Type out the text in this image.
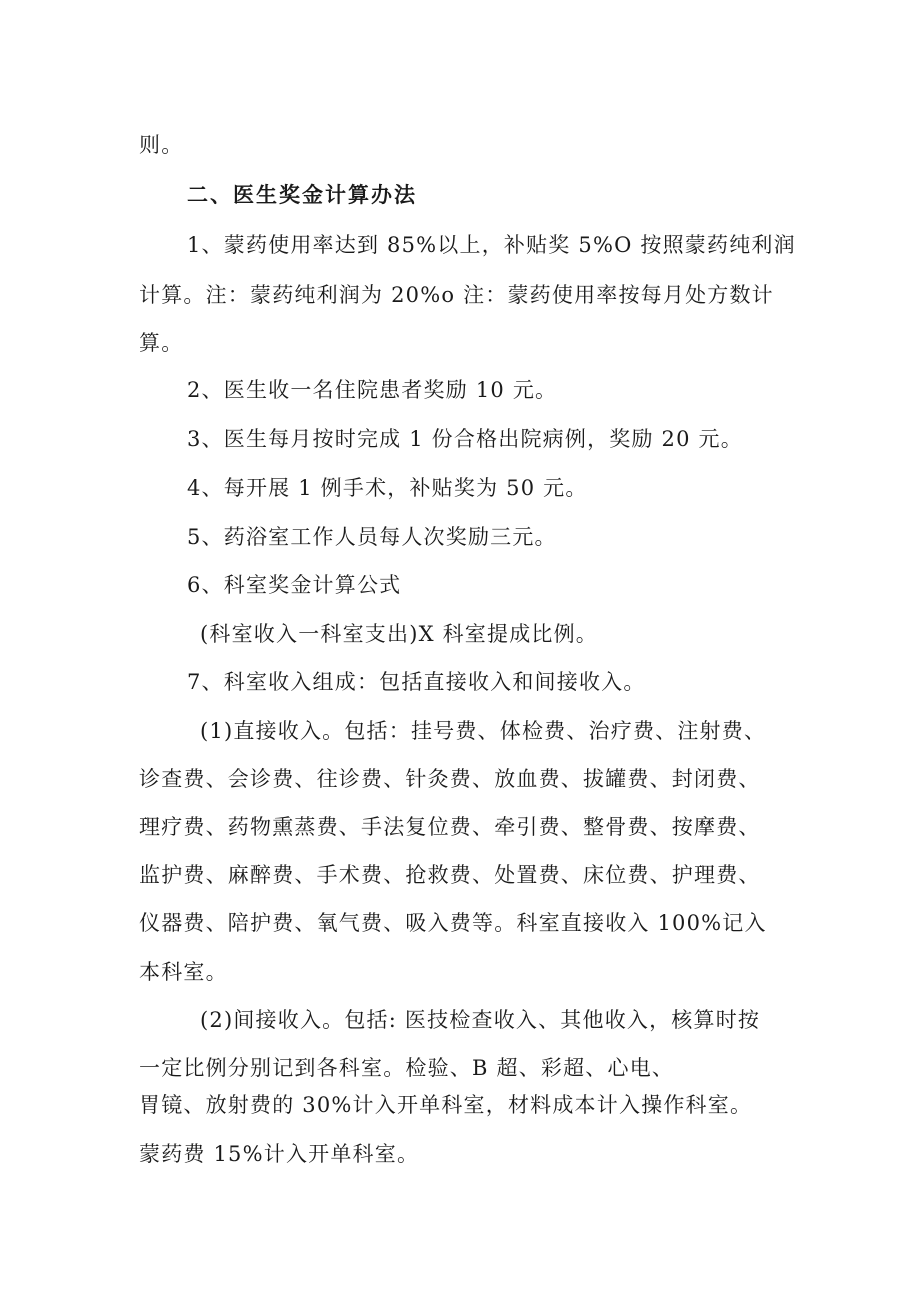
则。

二、医生奖金计算办法

1、蒙药使用率达到 85%以上，补贴奖 5%O 按照蒙药纯利润

计算。注：蒙药纯利润为 20%o 注：蒙药使用率按每月处方数计

算。

2、医生收一名住院患者奖励 10 元。

3、医生每月按时完成 1 份合格出院病例，奖励 20 元。

4、每开展 1 例手术，补贴奖为 50 元。

5、药浴室工作人员每人次奖励三元。

6、科室奖金计算公式

(科室收入一科室支出)X 科室提成比例。

7、科室收入组成：包括直接收入和间接收入。

(1)直接收入。包括：挂号费、体检费、治疗费、注射费、

诊查费、会诊费、往诊费、针灸费、放血费、拔罐费、封闭费、

理疗费、药物熏蒸费、手法复位费、牵引费、整骨费、按摩费、

监护费、麻醉费、手术费、抢救费、处置费、床位费、护理费、

仪器费、陪护费、氧气费、吸入费等。科室直接收入 100%记入

本科室。

(2)间接收入。包括: 医技检查收入、其他收入，核算时按

一定比例分别记到各科室。检验、B 超、彩超、心电、

胃镜、放射费的 30%计入开单科室，材料成本计入操作科室。

蒙药费 15%计入开单科室。
